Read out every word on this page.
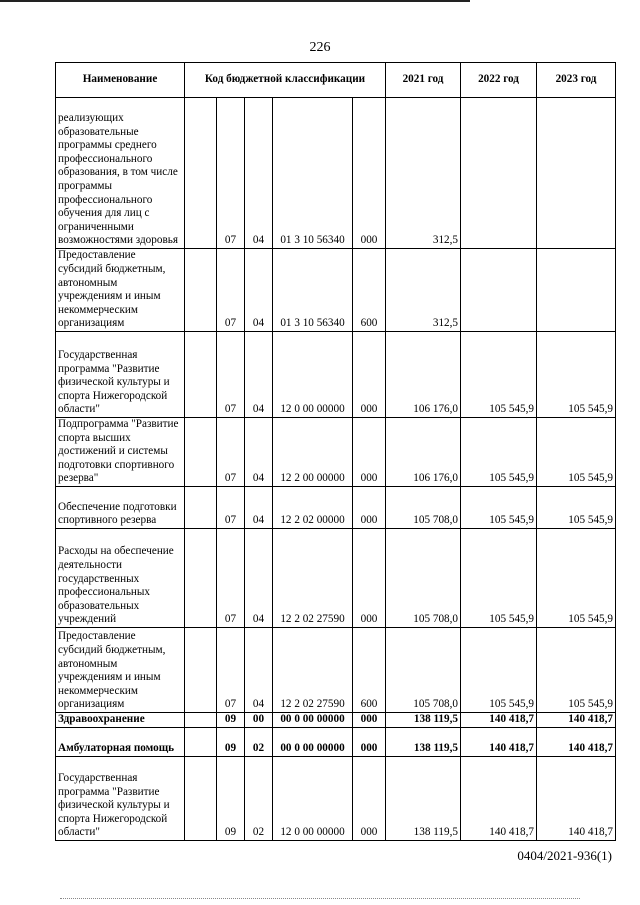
226
Наименование	Код бюджетной классификации					2021 год	2022 год	2023 год
реализующих образовательные программы среднего профессионального образования, в том числе программы профессионального обучения для лиц с ограниченными возможностями здоровья		07	04	01 3 10 56340	000	312,5		
Предоставление субсидий бюджетным, автономным учреждениям и иным некоммерческим организациям		07	04	01 3 10 56340	600	312,5		
Государственная программа "Развитие физической культуры и спорта Нижегородской области"		07	04	12 0 00 00000	000	106 176,0	105 545,9	105 545,9
Подпрограмма "Развитие спорта высших достижений и системы подготовки спортивного резерва"		07	04	12 2 00 00000	000	106 176,0	105 545,9	105 545,9
Обеспечение подготовки спортивного резерва		07	04	12 2 02 00000	000	105 708,0	105 545,9	105 545,9
Расходы на обеспечение деятельности государственных профессиональных образовательных учреждений		07	04	12 2 02 27590	000	105 708,0	105 545,9	105 545,9
Предоставление субсидий бюджетным, автономным учреждениям и иным некоммерческим организациям		07	04	12 2 02 27590	600	105 708,0	105 545,9	105 545,9
Здравоохранение		09	00	00 0 00 00000	000	138 119,5	140 418,7	140 418,7
Амбулаторная помощь		09	02	00 0 00 00000	000	138 119,5	140 418,7	140 418,7
Государственная программа "Развитие физической культуры и спорта Нижегородской области"		09	02	12 0 00 00000	000	138 119,5	140 418,7	140 418,7
0404/2021-936(1)
